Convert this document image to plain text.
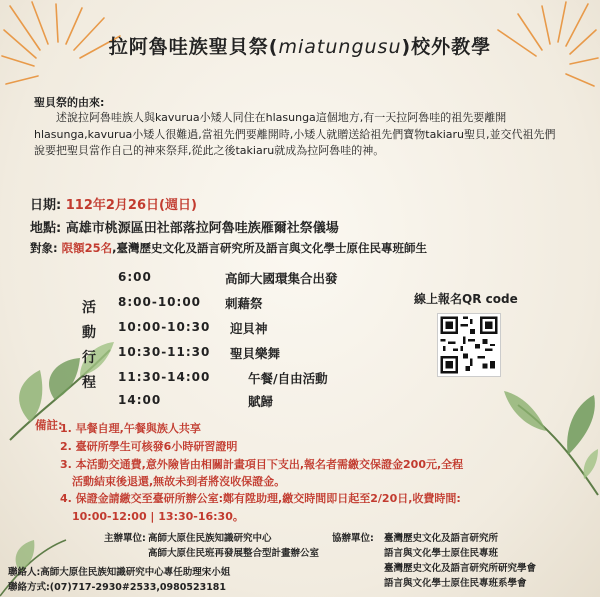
拉阿魯哇族聖貝祭(miatungusu)校外教學
聖貝祭的由來:
述說拉阿魯哇族人與kavurua小矮人同住在hlasunga這個地方,有一天拉阿魯哇的祖先要離開hlasunga,kavurua小矮人很難過,當祖先們要離開時,小矮人就贈送給祖先們寶物takiaru聖貝,並交代祖先們說要把聖貝當作自己的神來祭拜,從此之後takiaru就成為拉阿魯哇的神。
日期: 112年2月26日(週日)
地點: 高雄市桃源區田社部落拉阿魯哇族雁爾社祭儀場
對象: 限額25名,臺灣歷史文化及語言研究所及語言與文化學士原住民專班師生
活
動
行
程
6:00	高師大國環集合出發
8:00-10:00 刺藉祭
10:00-10:30 迎貝神
10:30-11:30 聖貝樂舞
11:30-14:00	午餐/自由活動
14:00	賦歸
線上報名QR code
備註:
1. 早餐自理,午餐與族人共享
2. 臺研所學生可核發6小時研習證明
3. 本活動交通費,意外險皆由相關計畫項目下支出,報名者需繳交保證金200元,全程
活動結束後退還,無故未到者將沒收保證金。
4. 保證金請繳交至臺研所辦公室:鄭有陞助理,繳交時間即日起至2/20日,收費時間:
10:00-12:00 | 13:30-16:30。
主辦單位: 高師大原住民族知識研究中心
高師大原住民班再發展整合型計畫辦公室
協辦單位: 臺灣歷史文化及語言研究所
語言與文化學士原住民專班
臺灣歷史文化及語言研究所研究學會
語言與文化學士原住民專班系學會
聯絡人:高師大原住民族知識研究中心專任助理宋小姐
聯絡方式:(07)717-2930#2533,0980523181
